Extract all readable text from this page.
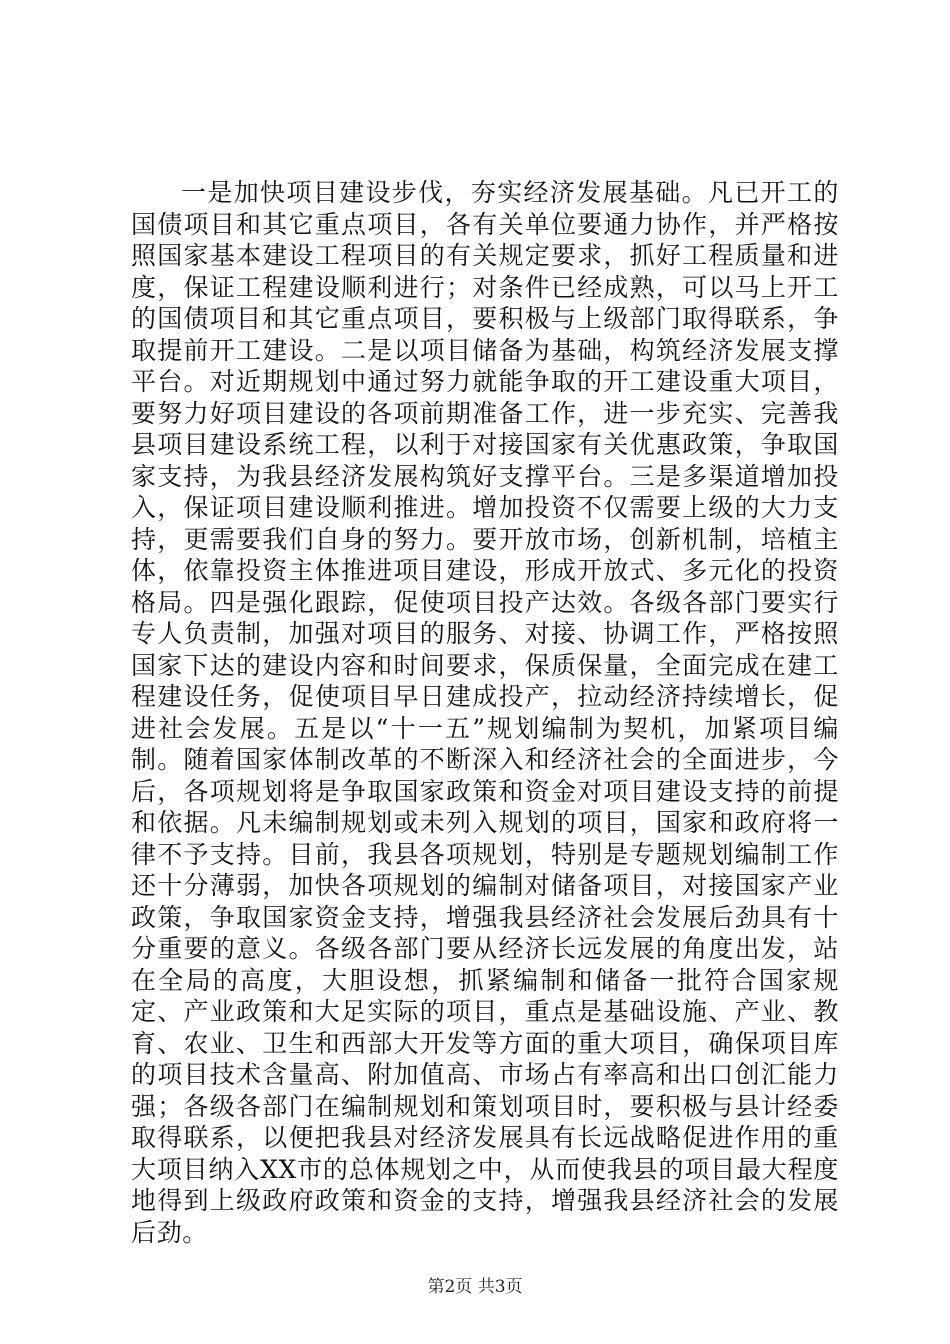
一是加快项目建设步伐，夯实经济发展基础。凡已开工的国债项目和其它重点项目，各有关单位要通力协作，并严格按照国家基本建设工程项目的有关规定要求，抓好工程质量和进度，保证工程建设顺利进行；对条件已经成熟，可以马上开工的国债项目和其它重点项目，要积极与上级部门取得联系，争取提前开工建设。二是以项目储备为基础，构筑经济发展支撑平台。对近期规划中通过努力就能争取的开工建设重大项目，要努力好项目建设的各项前期准备工作，进一步充实、完善我县项目建设系统工程，以利于对接国家有关优惠政策，争取国家支持，为我县经济发展构筑好支撑平台。三是多渠道增加投入，保证项目建设顺利推进。增加投资不仅需要上级的大力支持，更需要我们自身的努力。要开放市场，创新机制，培植主体，依靠投资主体推进项目建设，形成开放式、多元化的投资格局。四是强化跟踪，促使项目投产达效。各级各部门要实行专人负责制，加强对项目的服务、对接、协调工作，严格按照国家下达的建设内容和时间要求，保质保量，全面完成在建工程建设任务，促使项目早日建成投产，拉动经济持续增长，促进社会发展。五是以“十一五”规划编制为契机，加紧项目编制。随着国家体制改革的不断深入和经济社会的全面进步，今后，各项规划将是争取国家政策和资金对项目建设支持的前提和依据。凡未编制规划或未列入规划的项目，国家和政府将一律不予支持。目前，我县各项规划，特别是专题规划编制工作还十分薄弱，加快各项规划的编制对储备项目，对接国家产业政策，争取国家资金支持，增强我县经济社会发展后劲具有十分重要的意义。各级各部门要从经济长远发展的角度出发，站在全局的高度，大胆设想，抓紧编制和储备一批符合国家规定、产业政策和大足实际的项目，重点是基础设施、产业、教育、农业、卫生和西部大开发等方面的重大项目，确保项目库的项目技术含量高、附加值高、市场占有率高和出口创汇能力强；各级各部门在编制规划和策划项目时，要积极与县计经委取得联系，以便把我县对经济发展具有长远战略促进作用的重大项目纳入XX市的总体规划之中，从而使我县的项目最大程度地得到上级政府政策和资金的支持，增强我县经济社会的发展后劲。

第2页 共3页
